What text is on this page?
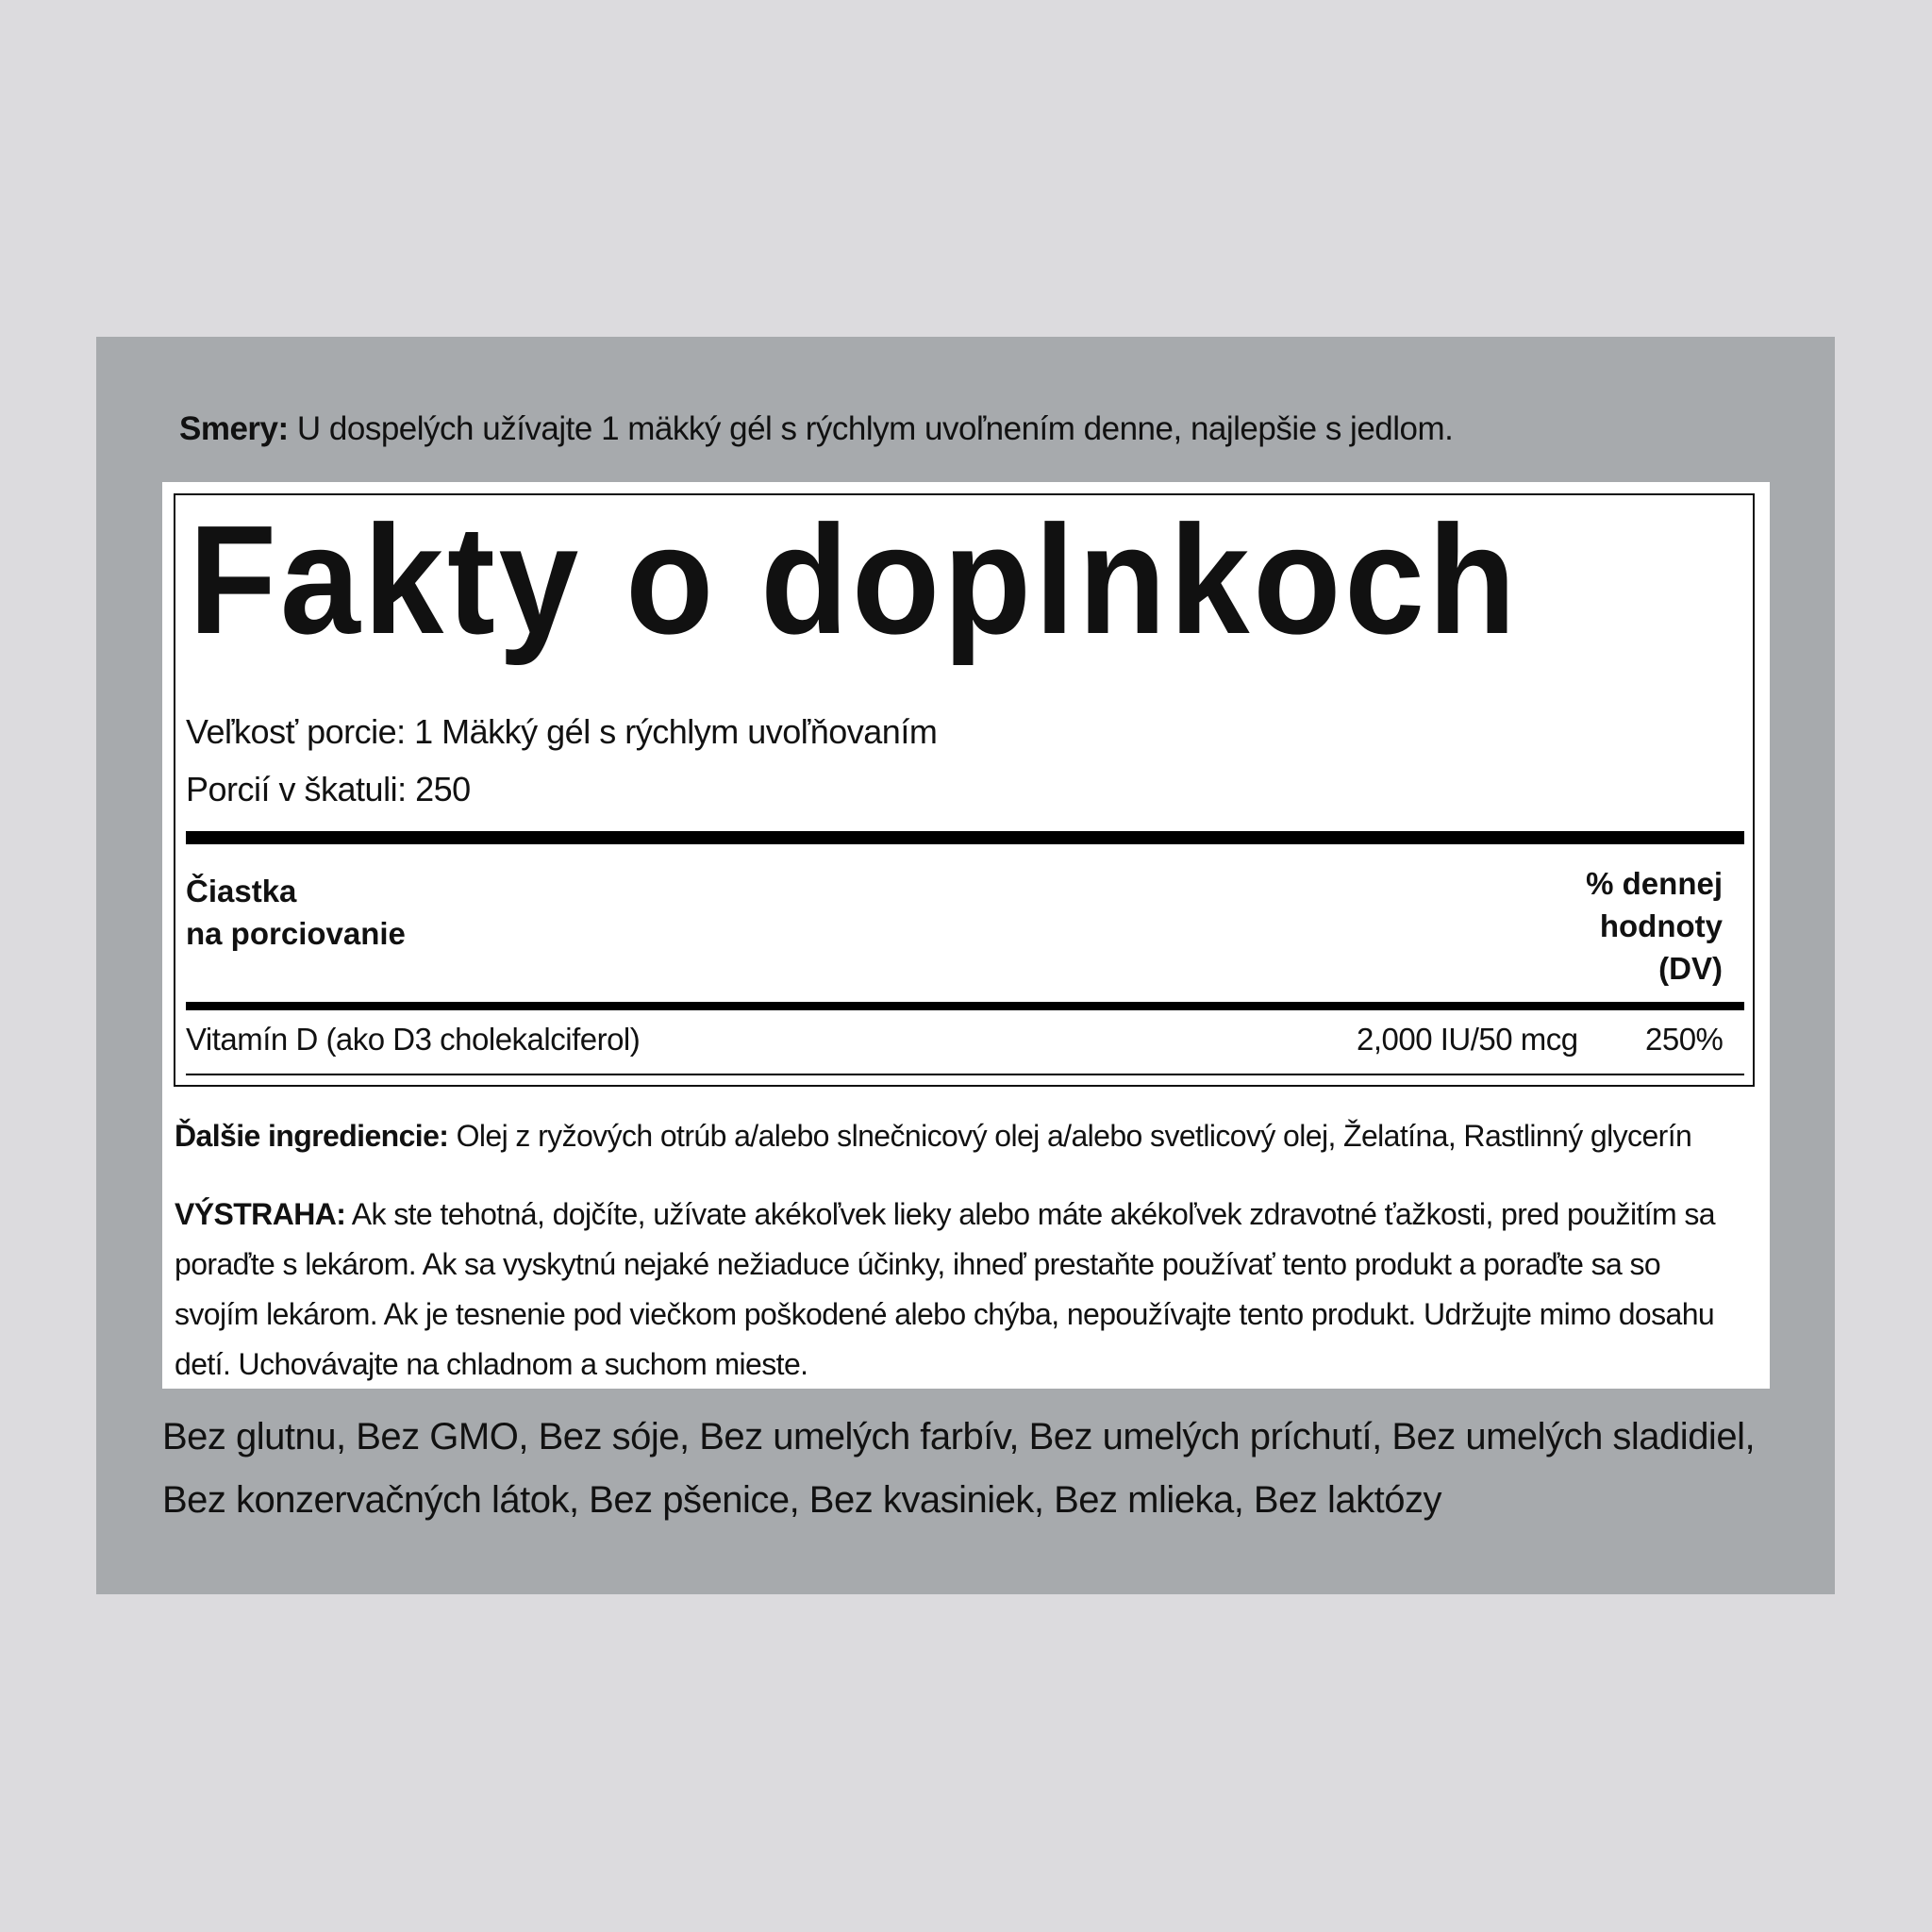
Smery: U dospelých užívajte 1 mäkký gél s rýchlym uvoľnením denne, najlepšie s jedlom.
Fakty o doplnkoch
Veľkosť porcie: 1 Mäkký gél s rýchlym uvoľňovaním
Porcií v škatuli: 250
Čiastka
na porciovanie
% dennej
hodnoty
(DV)
Vitamín D (ako D3 cholekalciferol)	2,000 IU/50 mcg 250%
Ďalšie ingrediencie: Olej z ryžových otrúb a/alebo slnečnicový olej a/alebo svetlicový olej, Želatína, Rastlinný glycerín
VÝSTRAHA: Ak ste tehotná, dojčíte, užívate akékoľvek lieky alebo máte akékoľvek zdravotné ťažkosti, pred použitím sa poraďte s lekárom. Ak sa vyskytnú nejaké nežiaduce účinky, ihneď prestaňte používať tento produkt a poraďte sa so svojím lekárom. Ak je tesnenie pod viečkom poškodené alebo chýba, nepoužívajte tento produkt. Udržujte mimo dosahu detí. Uchovávajte na chladnom a suchom mieste.
Bez glutnu, Bez GMO, Bez sóje, Bez umelých farbív, Bez umelých príchutí, Bez umelých sladidiel, Bez konzervačných látok, Bez pšenice, Bez kvasiniek, Bez mlieka, Bez laktózy
